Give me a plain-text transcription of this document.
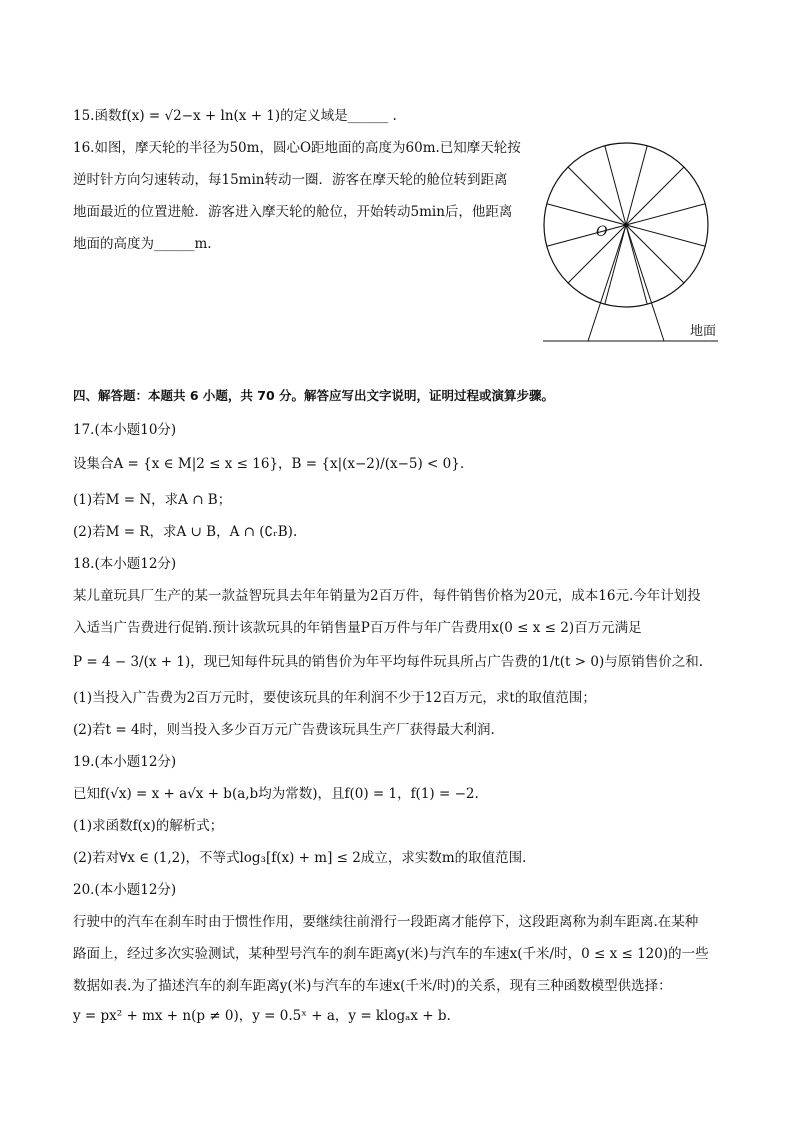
15.函数f(x) = √2−x + ln(x + 1)的定义域是______ .
16.如图，摩天轮的半径为50m，圆心O距地面的高度为60m.已知摩天轮按
逆时针方向匀速转动，每15min转动一圈．游客在摩天轮的舱位转到距离
地面最近的位置进舱．游客进入摩天轮的舱位，开始转动5min后，他距离
地面的高度为______m.
O
地面
四、解答题：本题共 6 小题，共 70 分。解答应写出文字说明，证明过程或演算步骤。
17.(本小题10分)
设集合A = {x ∈ M|2 ≤ x ≤ 16}，B = {x|(x−2)/(x−5) < 0}.
(1)若M = N，求A ∩ B；
(2)若M = R，求A ∪ B，A ∩ (∁ᵣB).
18.(本小题12分)
某儿童玩具厂生产的某一款益智玩具去年年销量为2百万件，每件销售价格为20元，成本16元.今年计划投
入适当广告费进行促销.预计该款玩具的年销售量P百万件与年广告费用x(0 ≤ x ≤ 2)百万元满足
P = 4 − 3/(x + 1)，现已知每件玩具的销售价为年平均每件玩具所占广告费的1/t(t > 0)与原销售价之和.
(1)当投入广告费为2百万元时，要使该玩具的年利润不少于12百万元，求t的取值范围；
(2)若t = 4时，则当投入多少百万元广告费该玩具生产厂获得最大利润.
19.(本小题12分)
已知f(√x) = x + a√x + b(a,b均为常数)，且f(0) = 1，f(1) = −2.
(1)求函数f(x)的解析式；
(2)若对∀x ∈ (1,2)，不等式log₃[f(x) + m] ≤ 2成立，求实数m的取值范围.
20.(本小题12分)
行驶中的汽车在刹车时由于惯性作用，要继续往前滑行一段距离才能停下，这段距离称为刹车距离.在某种
路面上，经过多次实验测试，某种型号汽车的刹车距离y(米)与汽车的车速x(千米/时，0 ≤ x ≤ 120)的一些
数据如表.为了描述汽车的刹车距离y(米)与汽车的车速x(千米/时)的关系，现有三种函数模型供选择：
y = px² + mx + n(p ≠ 0)，y = 0.5ˣ + a，y = klogₐx + b.
